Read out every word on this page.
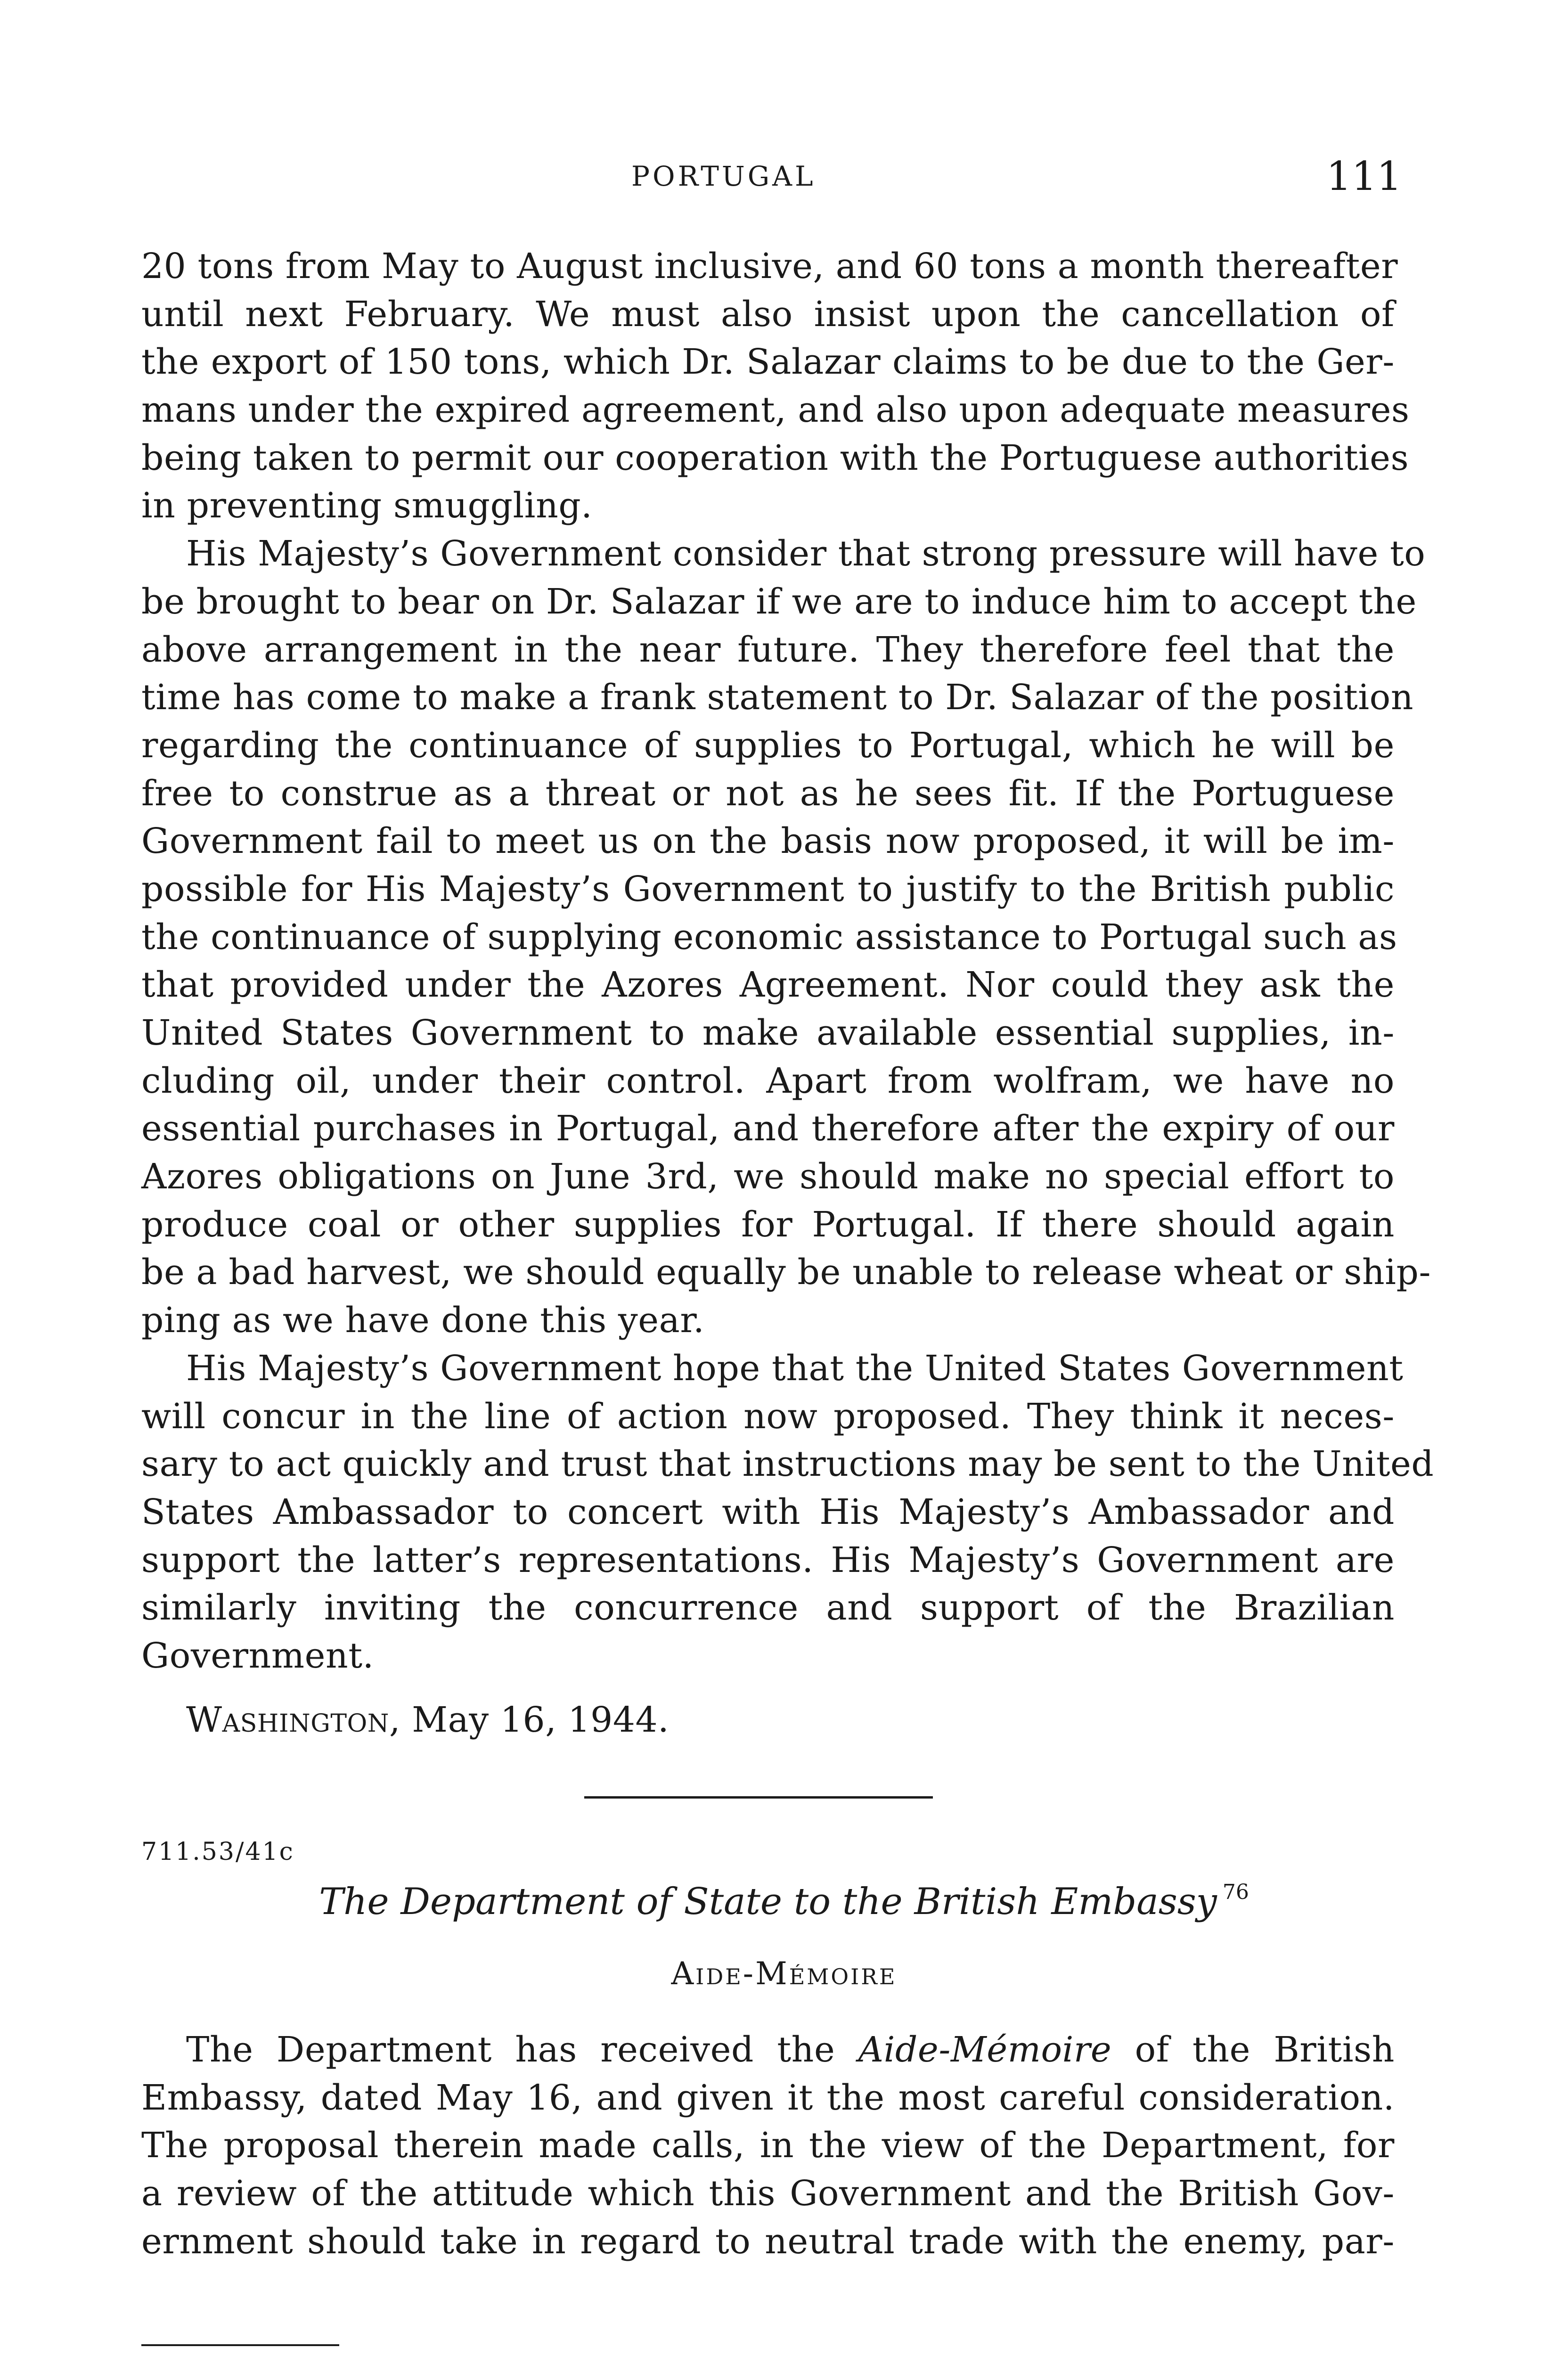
PORTUGAL	111
20 tons from May to August inclusive, and 60 tons a month thereafter
until next February. We must also insist upon the cancellation of
the export of 150 tons, which Dr. Salazar claims to be due to the Ger-
mans under the expired agreement, and also upon adequate measures
being taken to permit our cooperation with the Portuguese authorities
in preventing smuggling.
His Majesty’s Government consider that strong pressure will have to
be brought to bear on Dr. Salazar if we are to induce him to accept the
above arrangement in the near future. They therefore feel that the
time has come to make a frank statement to Dr. Salazar of the position
regarding the continuance of supplies to Portugal, which he will be
free to construe as a threat or not as he sees fit. If the Portuguese
Government fail to meet us on the basis now proposed, it will be im-
possible for His Majesty’s Government to justify to the British public
the continuance of supplying economic assistance to Portugal such as
that provided under the Azores Agreement. Nor could they ask the
United States Government to make available essential supplies, in-
cluding oil, under their control. Apart from wolfram, we have no
essential purchases in Portugal, and therefore after the expiry of our
Azores obligations on June 3rd, we should make no special effort to
produce coal or other supplies for Portugal. If there should again
be a bad harvest, we should equally be unable to release wheat or ship-
ping as we have done this year.
His Majesty’s Government hope that the United States Government
will concur in the line of action now proposed. They think it neces-
sary to act quickly and trust that instructions may be sent to the United
States Ambassador to concert with His Majesty’s Ambassador and
support the latter’s representations. His Majesty’s Government are
similarly inviting the concurrence and support of the Brazilian
Government.
Washington, May 16, 1944.
711.53/41c
The Department of State to the British Embassy $^{76}$
Aide-Mémoire
The Department has received the Aide-Mémoire of the British
Embassy, dated May 16, and given it the most careful consideration.
The proposal therein made calls, in the view of the Department, for
a review of the attitude which this Government and the British Gov-
ernment should take in regard to neutral trade with the enemy, par-
